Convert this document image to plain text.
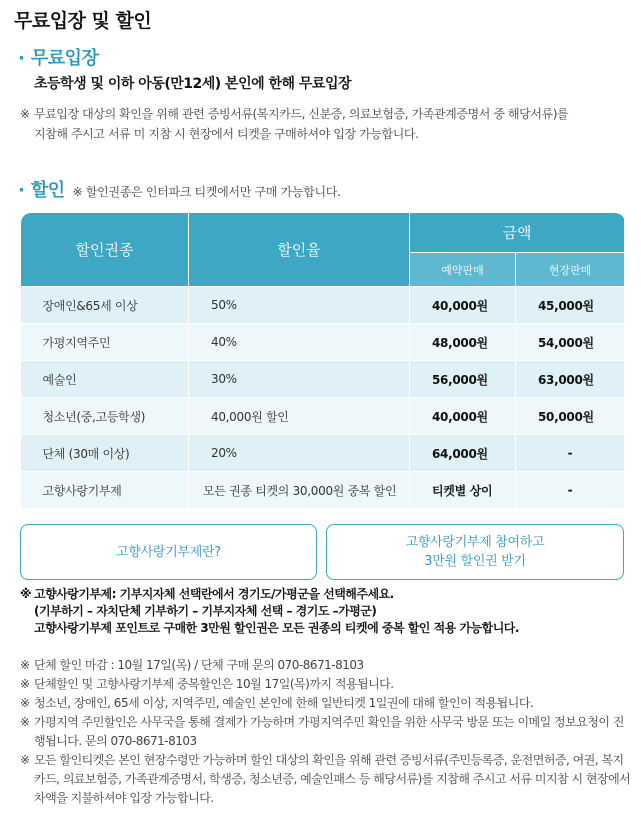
무료입장 및 할인
· 무료입장
초등학생 및 이하 아동(만12세) 본인에 한해 무료입장
※ 무료입장 대상의 확인을 위해 관련 증빙서류(복지카드, 신분증, 의료보험증, 가족관계증명서 중 해당서류)를
지참해 주시고 서류 미 지참 시 현장에서 티켓을 구매하셔야 입장 가능합니다.
· 할인 ※ 할인권종은 인터파크 티켓에서만 구매 가능합니다.
할인권종	할인율	금액	
		예약판매	현장판매
장애인&65세 이상	50%	40,000원	45,000원
가평지역주민	40%	48,000원	54,000원
예술인	30%	56,000원	63,000원
청소년(중,고등학생)	40,000원 할인	40,000원	50,000원
단체 (30매 이상)	20%	64,000원	-
고향사랑기부제	모든 권종 티켓의 30,000원 중복 할인	티켓별 상이	-
고향사랑기부제란?
고향사랑기부제 참여하고
3만원 할인권 받기
※ 고향사랑기부제: 기부지자체 선택란에서 경기도/가평군을 선택해주세요.
(기부하기 – 자치단체 기부하기 – 기부지자체 선택 – 경기도 –가평군)
고향사랑기부제 포인트로 구매한 3만원 할인권은 모든 권종의 티켓에 중복 할인 적용 가능합니다.
※ 단체 할인 마감 : 10월 17일(목) / 단체 구매 문의 070-8671-8103
※ 단체할인 및 고향사랑기부제 중복할인은 10월 17일(목)까지 적용됩니다.
※ 청소년, 장애인, 65세 이상, 지역주민, 예술인 본인에 한해 일반티켓 1일권에 대해 할인이 적용됩니다.
※ 가평지역 주민할인은 사무국을 통해 결제가 가능하며 가평지역주민 확인을 위한 사무국 방문 또는 이메일 정보요청이 진행됩니다. 문의 070-8671-8103
※ 모든 할인티켓은 본인 현장수령만 가능하며 할인 대상의 확인을 위해 관련 증빙서류(주민등록증, 운전면허증, 여권, 복지카드, 의료보험증, 가족관계증명서, 학생증, 청소년증, 예술인패스 등 해당서류)를 지참해 주시고 서류 미지참 시 현장에서 차액을 지불하셔야 입장 가능합니다.
